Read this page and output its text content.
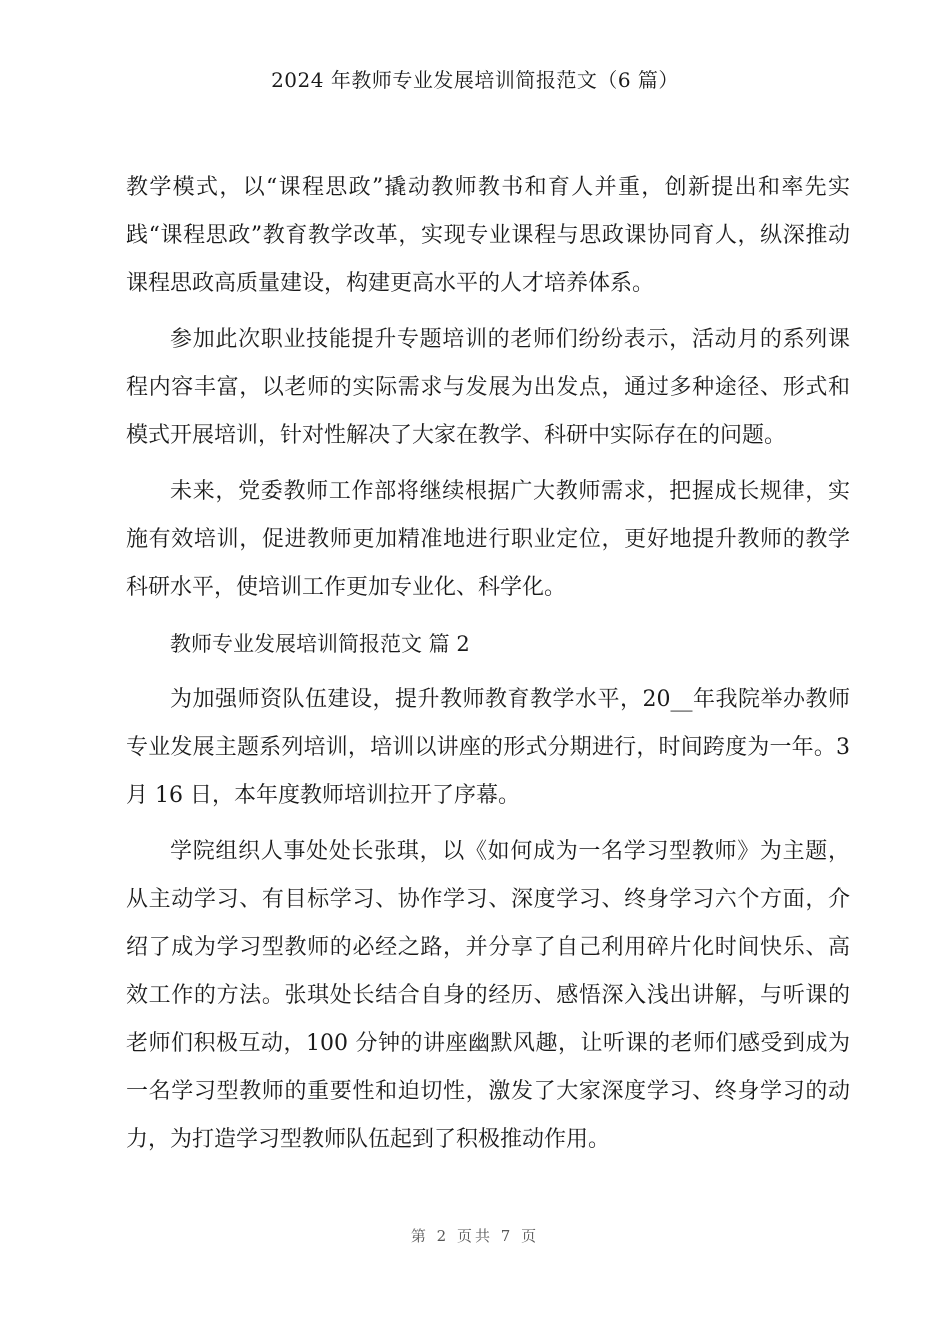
2024 年教师专业发展培训简报范文（6 篇）

教学模式，以“课程思政”撬动教师教书和育人并重，创新提出和率先实践“课程思政”教育教学改革，实现专业课程与思政课协同育人，纵深推动课程思政高质量建设，构建更高水平的人才培养体系。

参加此次职业技能提升专题培训的老师们纷纷表示，活动月的系列课程内容丰富，以老师的实际需求与发展为出发点，通过多种途径、形式和模式开展培训，针对性解决了大家在教学、科研中实际存在的问题。

未来，党委教师工作部将继续根据广大教师需求，把握成长规律，实施有效培训，促进教师更加精准地进行职业定位，更好地提升教师的教学科研水平，使培训工作更加专业化、科学化。

教师专业发展培训简报范文 篇 2

为加强师资队伍建设，提升教师教育教学水平，20__年我院举办教师专业发展主题系列培训，培训以讲座的形式分期进行，时间跨度为一年。3 月 16 日，本年度教师培训拉开了序幕。

学院组织人事处处长张琪，以《如何成为一名学习型教师》为主题，从主动学习、有目标学习、协作学习、深度学习、终身学习六个方面，介绍了成为学习型教师的必经之路，并分享了自己利用碎片化时间快乐、高效工作的方法。张琪处长结合自身的经历、感悟深入浅出讲解，与听课的老师们积极互动，100 分钟的讲座幽默风趣，让听课的老师们感受到成为一名学习型教师的重要性和迫切性，激发了大家深度学习、终身学习的动力，为打造学习型教师队伍起到了积极推动作用。

第 2 页共 7 页
